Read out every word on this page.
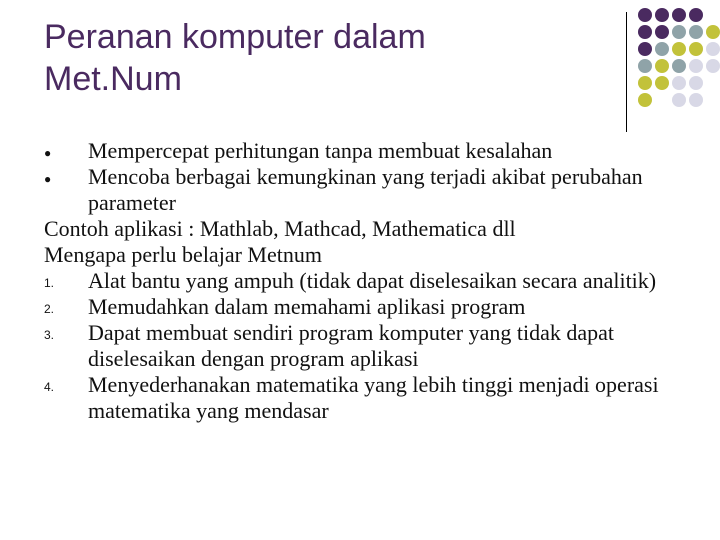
Peranan komputer dalam
Met.Num
●	Mempercepat perhitungan tanpa membuat kesalahan
●	Mencoba berbagai kemungkinan yang terjadi akibat perubahan parameter
Contoh aplikasi : Mathlab, Mathcad, Mathematica dll
Mengapa perlu belajar Metnum
1.	Alat bantu yang ampuh (tidak dapat diselesaikan secara analitik)
2.	Memudahkan dalam memahami aplikasi program
3.	Dapat membuat sendiri program komputer yang tidak dapat diselesaikan dengan program aplikasi
4.	Menyederhanakan matematika yang lebih tinggi menjadi operasi matematika yang mendasar
